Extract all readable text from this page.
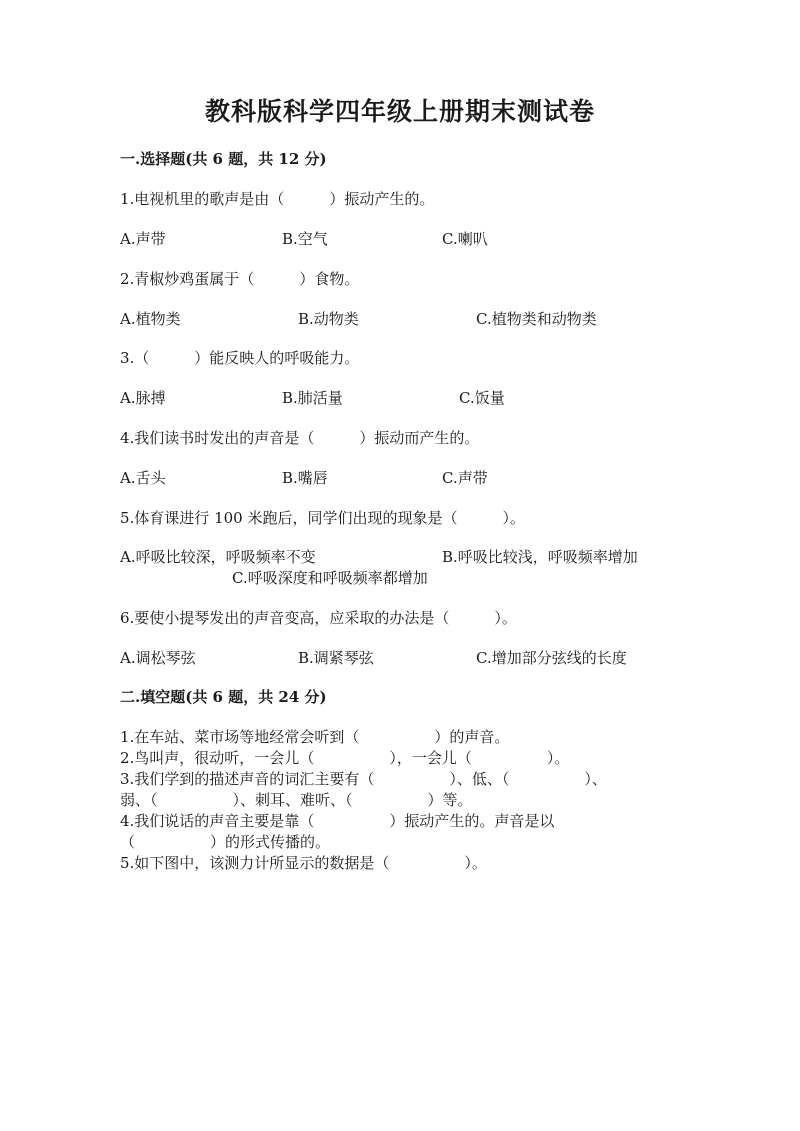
教科版科学四年级上册期末测试卷
一.选择题(共 6 题，共 12 分)
1.电视机里的歌声是由（　　　）振动产生的。
A.声带	B.空气	C.喇叭
2.青椒炒鸡蛋属于（　　　）食物。
A.植物类	B.动物类	C.植物类和动物类
3.（　　　）能反映人的呼吸能力。
A.脉搏	B.肺活量	C.饭量
4.我们读书时发出的声音是（　　　）振动而产生的。
A.舌头	B.嘴唇	C.声带
5.体育课进行 100 米跑后，同学们出现的现象是（　　　）。
A.呼吸比较深，呼吸频率不变	B.呼吸比较浅，呼吸频率增加
C.呼吸深度和呼吸频率都增加
6.要使小提琴发出的声音变高，应采取的办法是（　　　）。
A.调松琴弦	B.调紧琴弦	C.增加部分弦线的长度
二.填空题(共 6 题，共 24 分)
1.在车站、菜市场等地经常会听到（　　　　　）的声音。
2.鸟叫声，很动听，一会儿（　　　　　），一会儿（　　　　　）。
3.我们学到的描述声音的词汇主要有（　　　　　）、低、（　　　　　）、
弱、（　　　　　）、刺耳、难听、（　　　　　）等。
4.我们说话的声音主要是靠（　　　　　）振动产生的。声音是以
（　　　　　）的形式传播的。
5.如下图中，该测力计所显示的数据是（　　　　　）。
